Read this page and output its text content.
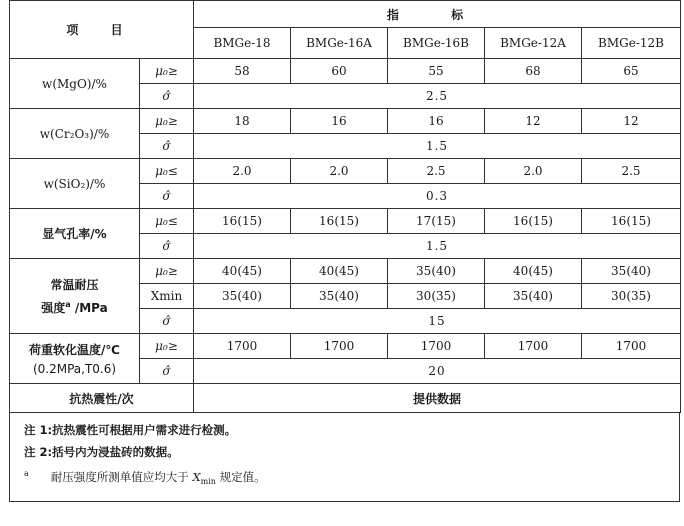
项 目		指 标				
		BMGe-18	BMGe-16A	BMGe-16B	BMGe-12A	BMGe-12B
w(MgO)/%	μ₀≥	58	60	55	68	65
	σ̂	2.5				
w(Cr₂O₃)/%	μ₀≥	18	16	16	12	12
	σ̂	1.5				
w(SiO₂)/%	μ₀≤	2.0	2.0	2.5	2.0	2.5
	σ̂	0.3				
显气孔率/%	μ₀≤	16(15)	16(15)	17(15)	16(15)	16(15)
	σ̂	1.5				

常温耐压
强度$^a$ /MPa	μ₀≥	40(45)	40(45)	35(40)	40(45)	35(40)
	Xmin	35(40)	35(40)	30(35)	35(40)	30(35)
	σ̂	15				

荷重软化温度/℃
(0.2MPa,T0.6)	μ₀≥	1700	1700	1700	1700	1700
	σ̂	20				
抗热震性/次		提供数据				
注 1:抗热震性可根据用户需求进行检测。
注 2:括号内为浸盐砖的数据。
$^a$ 耐压强度所测单值应均大于 $X_{min}$ 规定值。
